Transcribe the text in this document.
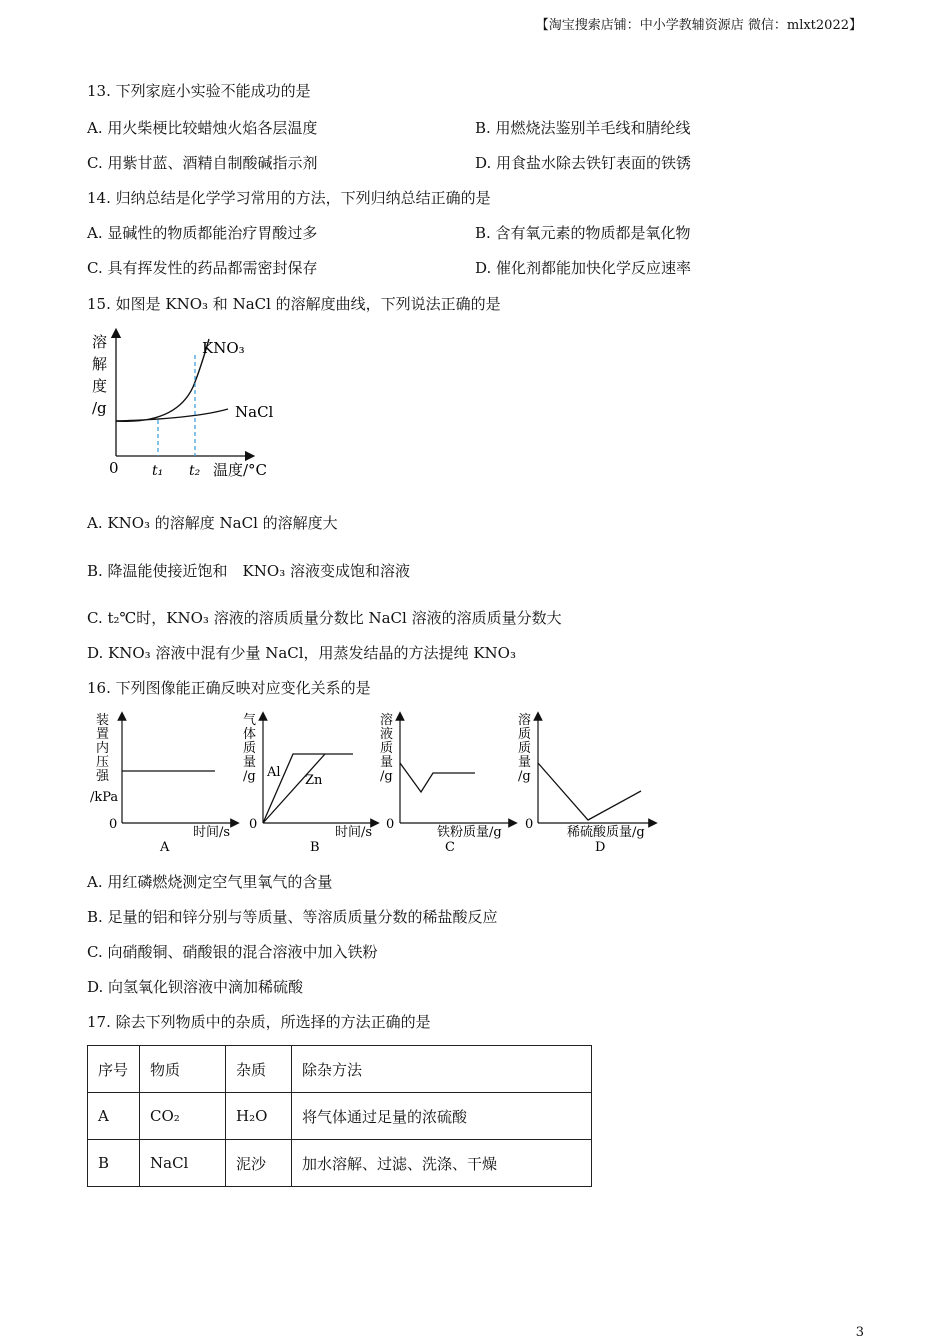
【淘宝搜索店铺：中小学教辅资源店 微信：mlxt2022】
13. 下列家庭小实验不能成功的是
A. 用火柴梗比较蜡烛火焰各层温度	B. 用燃烧法鉴别羊毛线和腈纶线
C. 用紫甘蓝、酒精自制酸碱指示剂	D. 用食盐水除去铁钉表面的铁锈
14. 归纳总结是化学学习常用的方法，下列归纳总结正确的是
A. 显碱性的物质都能治疗胃酸过多	B. 含有氧元素的物质都是氧化物
C. 具有挥发性的药品都需密封保存	D. 催化剂都能加快化学反应速率
15. 如图是 KNO₃ 和 NaCl 的溶解度曲线，下列说法正确的是
溶
解
度
/g
0 t₁ t₂ 温度/°C
KNO₃
NaCl
A. KNO₃ 的溶解度 NaCl 的溶解度大
B. 降温能使接近饱和　KNO₃ 溶液变成饱和溶液
C. t₂℃时，KNO₃ 溶液的溶质质量分数比 NaCl 溶液的溶质质量分数大
D. KNO₃ 溶液中混有少量 NaCl，用蒸发结晶的方法提纯 KNO₃
16. 下列图像能正确反映对应变化关系的是
装
置
内
压
强
/kPa
0
时间/s
A
气
体
质
量
/g Al
Zn
0
时间/s
B
溶
液
质
量
/g
0
铁粉质量/g
C
溶
质
质
量
/g
0
稀硫酸质量/g
D
A. 用红磷燃烧测定空气里氧气的含量
B. 足量的铝和锌分别与等质量、等溶质质量分数的稀盐酸反应
C. 向硝酸铜、硝酸银的混合溶液中加入铁粉
D. 向氢氧化钡溶液中滴加稀硫酸
17. 除去下列物质中的杂质，所选择的方法正确的是
序号	物质	杂质	除杂方法
A	CO₂	H₂O	将气体通过足量的浓硫酸
B	NaCl	泥沙	加水溶解、过滤、洗涤、干燥
3
